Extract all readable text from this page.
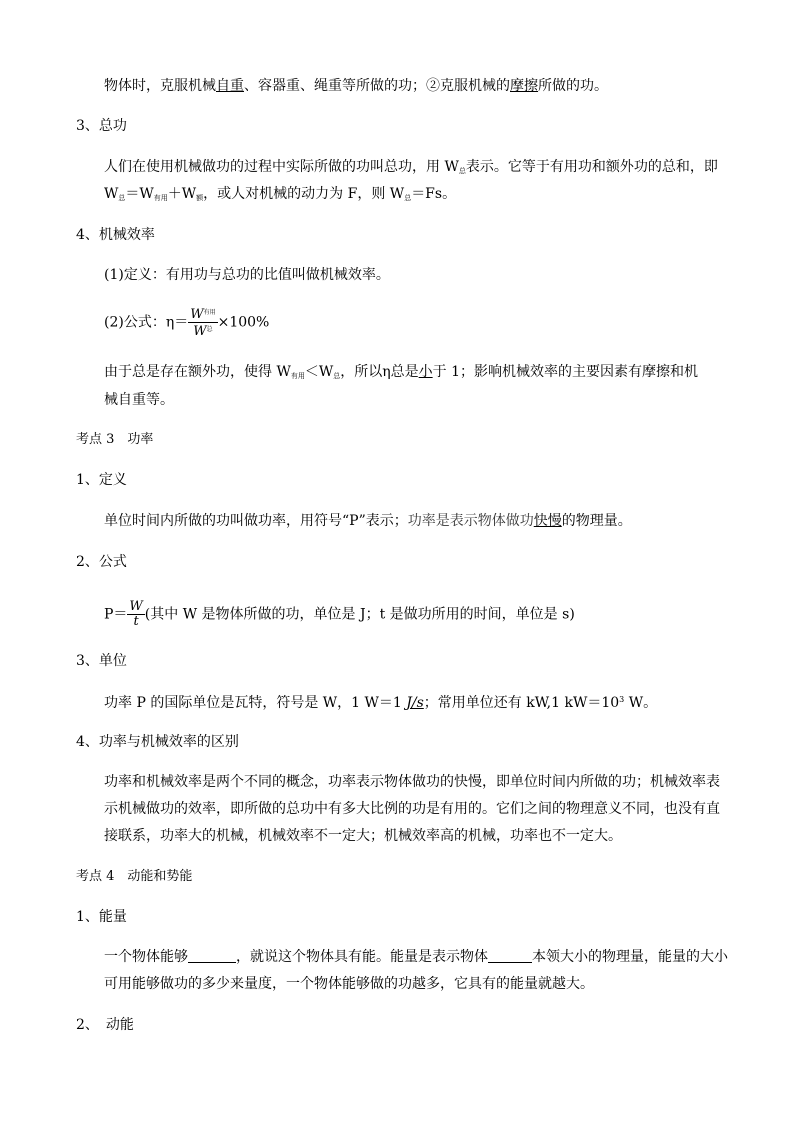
物体时，克服机械自重、容器重、绳重等所做的功；②克服机械的摩擦所做的功。
3、总功
人们在使用机械做功的过程中实际所做的功叫总功，用 $W_总$表示。它等于有用功和额外功的总和，即
$W_总=W_{有用}+W_额$，或人对机械的动力为 F，则 $W_总=Fs$。
4、机械效率
(1)定义：有用功与总功的比值叫做机械效率。
(2)公式：$\eta= \frac{W^{有用}}{W^总} \times 100\%$
由于总是存在额外功，使得 $W_{有用}<W_总$，所以η总是小于 1；影响机械效率的主要因素有摩擦和机
械自重等。
考点 3　功率
1、定义
单位时间内所做的功叫做功率，用符号“P”表示；功率是表示物体做功快慢的物理量。
2、公式
$P= \frac{W}{t}$ (其中 W 是物体所做的功，单位是 J；t 是做功所用的时间，单位是 s)
3、单位
功率 P 的国际单位是瓦特，符号是 W，1 W＝1 J/s；常用单位还有 kW,1 $kW=10^3$ W。
4、功率与机械效率的区别
功率和机械效率是两个不同的概念，功率表示物体做功的快慢，即单位时间内所做的功；机械效率表
示机械做功的效率，即所做的总功中有多大比例的功是有用的。它们之间的物理意义不同，也没有直
接联系，功率大的机械，机械效率不一定大；机械效率高的机械，功率也不一定大。
考点 4　动能和势能
1、能量
一个物体能够	，就说这个物体具有能。能量是表示物体	本领大小的物理量，能量的大小
可用能够做功的多少来量度，一个物体能够做的功越多，它具有的能量就越大。
2、　动能
